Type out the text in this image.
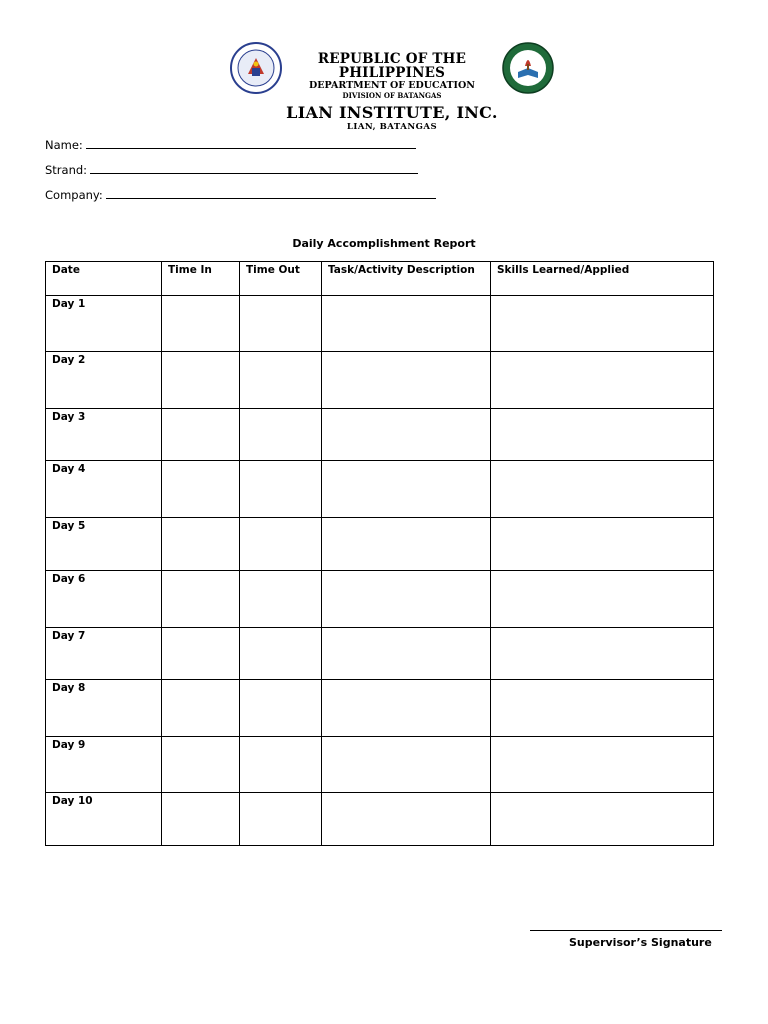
REPUBLIC OF THE PHILIPPINES
DEPARTMENT OF EDUCATION
DIVISION OF BATANGAS
LIAN INSTITUTE, INC.
LIAN, BATANGAS
Name:
Strand:
Company:
Daily Accomplishment Report
Date	Time In	Time Out	Task/Activity Description	Skills Learned/Applied
Day 1				
Day 2				
Day 3				
Day 4				
Day 5				
Day 6				
Day 7				
Day 8				
Day 9				
Day 10				
Supervisor’s Signature
